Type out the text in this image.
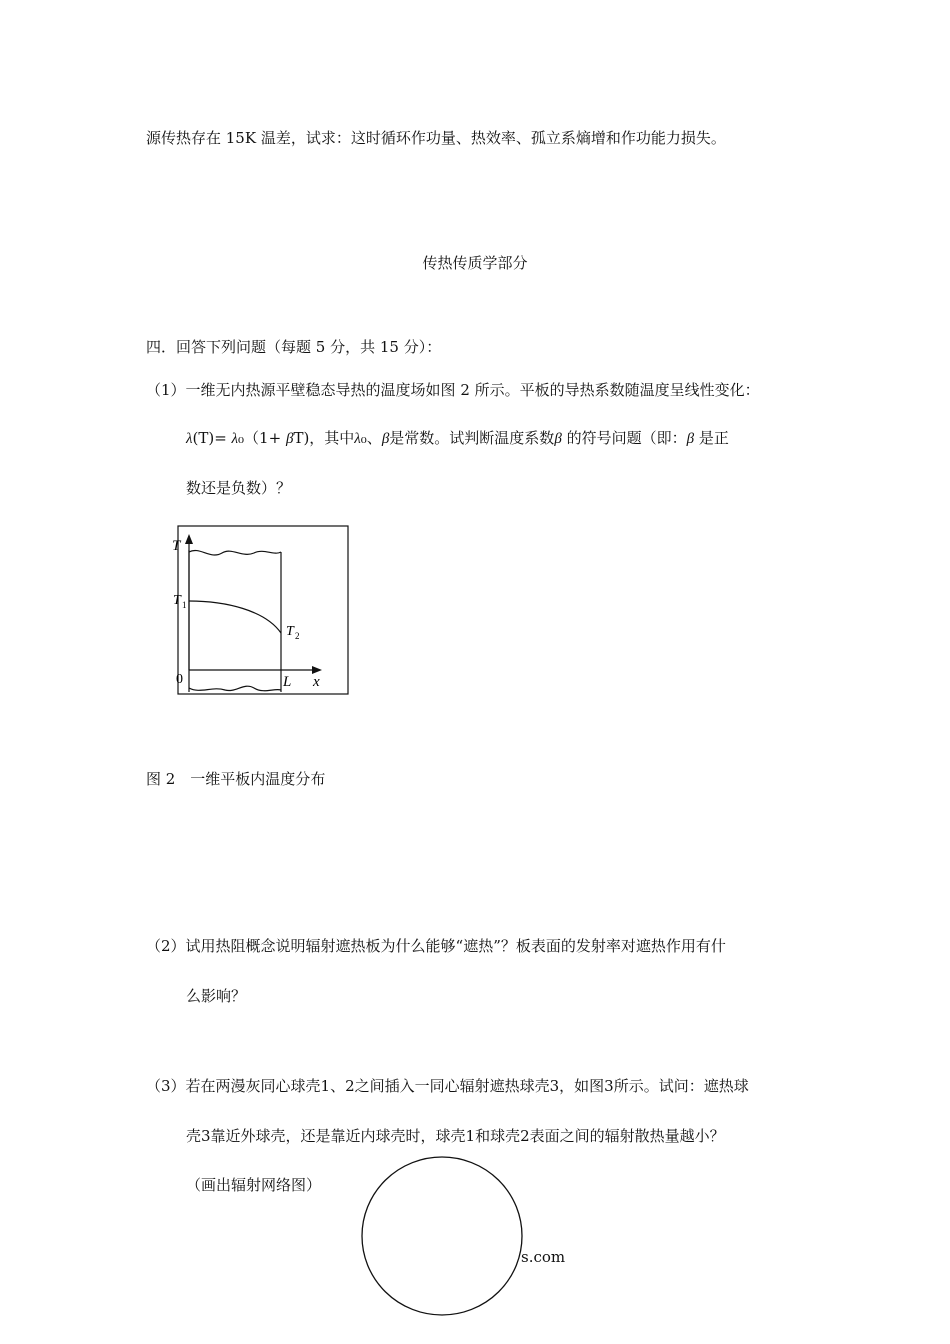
源传热存在 15K 温差，试求：这时循环作功量、热效率、孤立系熵增和作功能力损失。
传热传质学部分
四．回答下列问题（每题 5 分，共 15 分）：
（1）一维无内热源平壁稳态导热的温度场如图 2 所示。平板的导热系数随温度呈线性变化：
λ(T)= λ₀（1+ βT)，其中λ₀、β是常数。试判断温度系数β 的符号问题（即：β 是正
数还是负数）？
T
T 1
T 2
0	L x
图 2　一维平板内温度分布
（2）试用热阻概念说明辐射遮热板为什么能够“遮热”？板表面的发射率对遮热作用有什
么影响？
（3）若在两漫灰同心球壳1、2之间插入一同心辐射遮热球壳3，如图3所示。试问：遮热球
壳3靠近外球壳，还是靠近内球壳时，球壳1和球壳2表面之间的辐射散热量越小？
（画出辐射网络图）
s.com
